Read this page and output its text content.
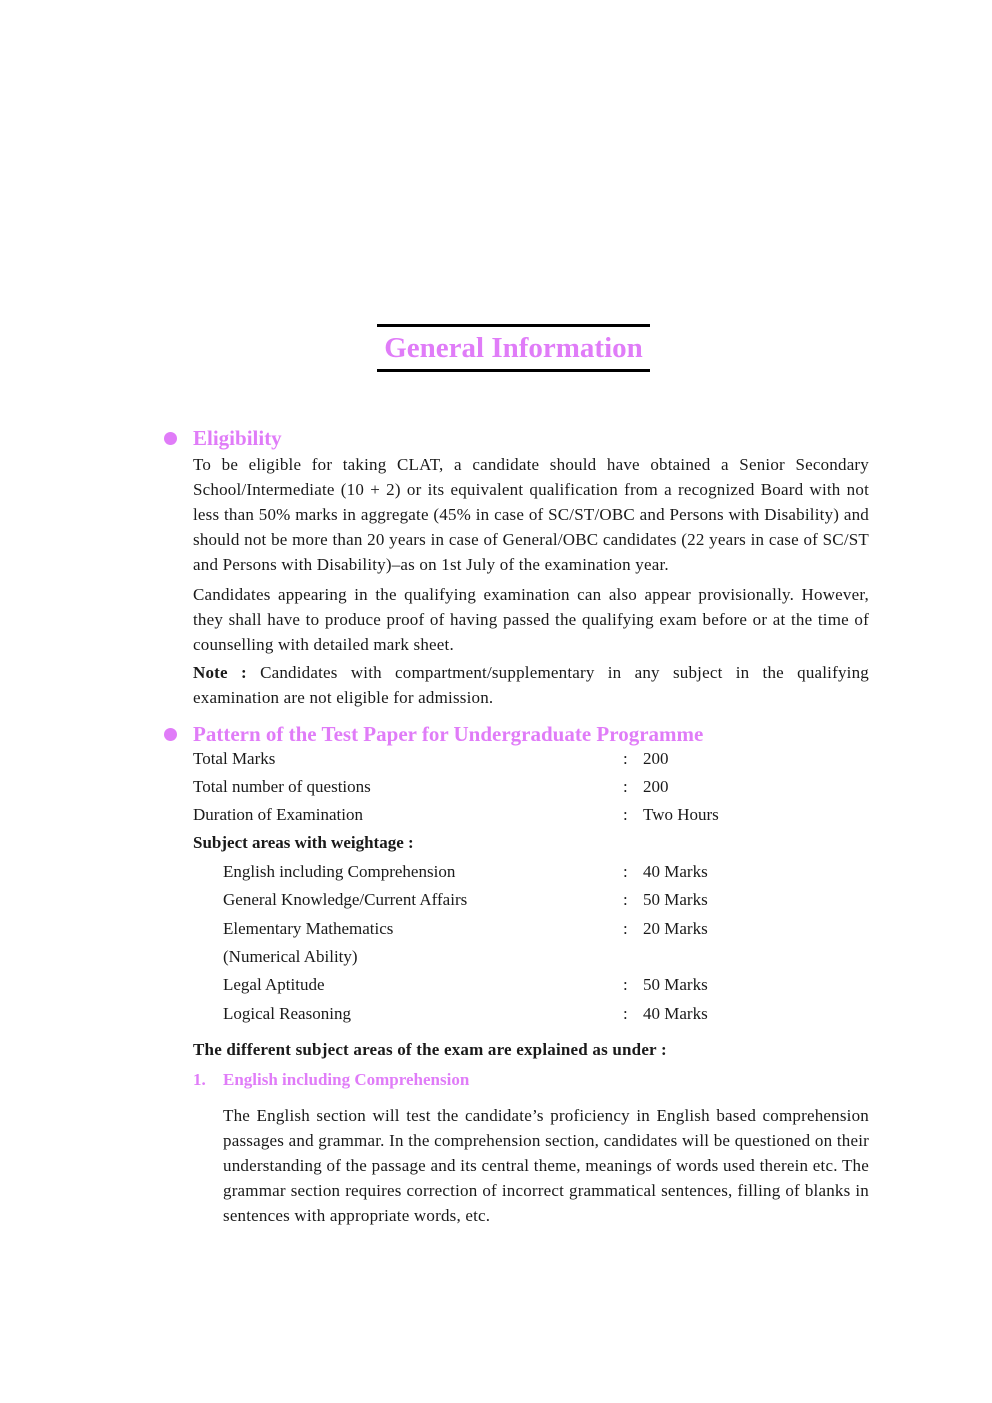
General Information
Eligibility
To be eligible for taking CLAT, a candidate should have obtained a Senior Secondary School/Intermediate (10 + 2) or its equivalent qualification from a recognized Board with not less than 50% marks in aggregate (45% in case of SC/ST/OBC and Persons with Disability) and should not be more than 20 years in case of General/OBC candidates (22 years in case of SC/ST and Persons with Disability)–as on 1st July of the examination year.
Candidates appearing in the qualifying examination can also appear provisionally. However, they shall have to produce proof of having passed the qualifying exam before or at the time of counselling with detailed mark sheet.
Note : Candidates with compartment/supplementary in any subject in the qualifying examination are not eligible for admission.
Pattern of the Test Paper for Undergraduate Programme
Total Marks	: 200
Total number of questions	: 200
Duration of Examination	: Two Hours
Subject areas with weightage :
English including Comprehension	: 40 Marks
General Knowledge/Current Affairs	: 50 Marks
Elementary Mathematics	: 20 Marks
(Numerical Ability)
Legal Aptitude	: 50 Marks
Logical Reasoning	: 40 Marks
The different subject areas of the exam are explained as under :
1. English including Comprehension
The English section will test the candidate’s proficiency in English based comprehension passages and grammar. In the comprehension section, candidates will be questioned on their understanding of the passage and its central theme, meanings of words used therein etc. The grammar section requires correction of incorrect grammatical sentences, filling of blanks in sentences with appropriate words, etc.
